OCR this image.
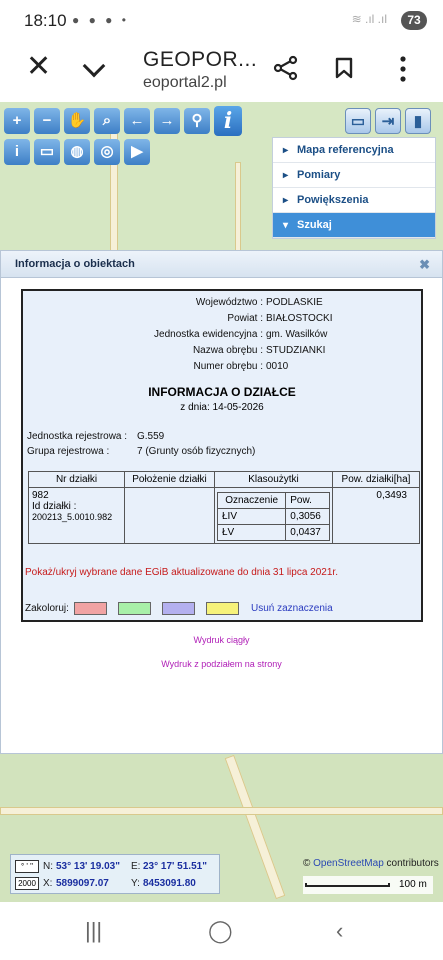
18:10 ● ● ● •	≋ .ıl .ıl	73
✕	GEOPOR...
eoportal2.pl
+	−	✋	⌕	←	→	⚲ i
i	▭	◍	◎	▶
▭	⇥	▮
▸ Mapa referencyjna
▸ Pomiary
▸ Powiększenia
▾ Szukaj
° ' "
2000
N: 53° 13' 19.03" E: 23° 17' 51.51"
X: 5899097.07 Y: 8453091.80
© OpenStreetMap contributors
100 m
Informacja o obiektach	✖
Województwo : PODLASKIE
Powiat : BIAŁOSTOCKI
Jednostka ewidencyjna : gm. Wasilków
Nazwa obrębu : STUDZIANKI
Numer obrębu : 0010
INFORMACJA O DZIAŁCE
z dnia: 14-05-2026
Jednostka rejestrowa : G.559
Grupa rejestrowa :	7 (Grunty osób fizycznych)
Nr działki	Położenie działki	Klasoużytki	Pow. działki[ha]

982
Id działki :
200213_5.0010.982

Oznaczenie	Pow.
ŁIV	0,3056
ŁV	0,0437
	0,3493
Pokaż/ukryj wybrane dane EGiB aktualizowane do dnia 31 lipca 2021r.
Zakoloruj:	Usuń zaznaczenia
Wydruk ciągły
Wydruk z podziałem na strony
|||	◯	‹
